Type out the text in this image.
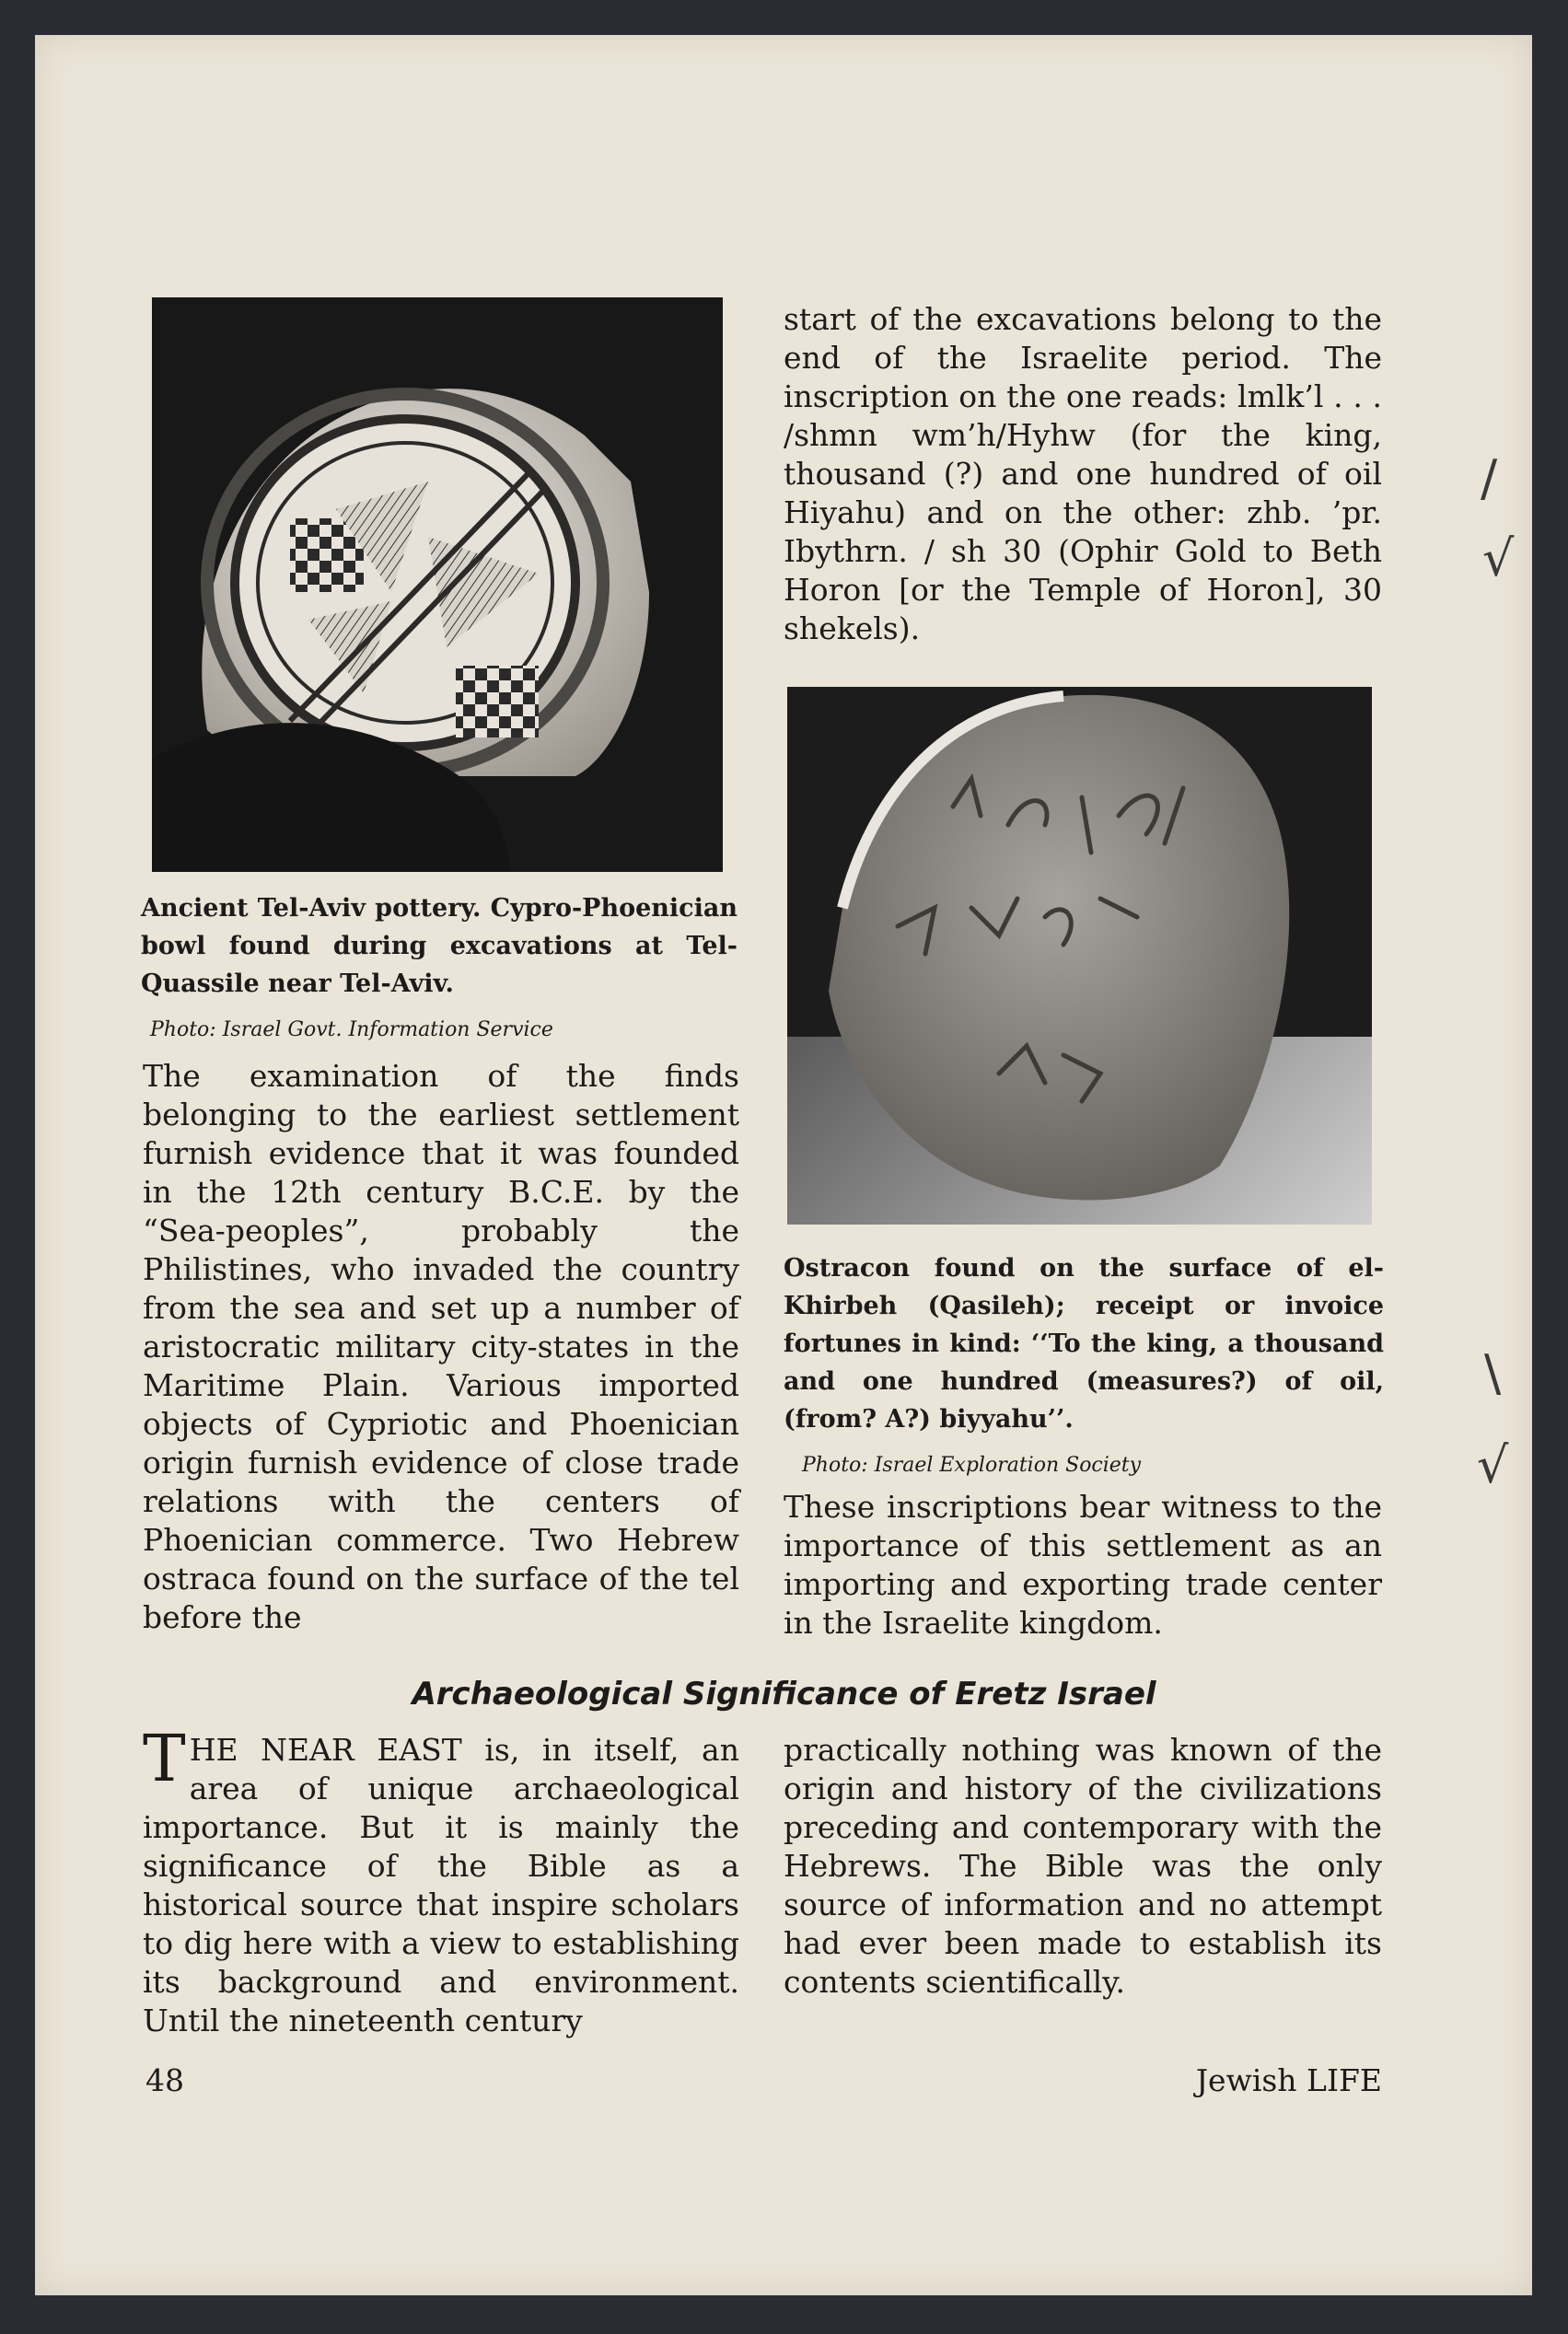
Ancient Tel-Aviv pottery. Cypro-Phoenician bowl found during excavations at Tel-Quassile near Tel-Aviv.
Photo: Israel Govt. Information Service

The examination of the finds belonging to the earliest settlement furnish evidence that it was founded in the 12th century B.C.E. by the “Sea-peoples”, probably the Philistines, who invaded the country from the sea and set up a number of aristocratic military city-states in the Maritime Plain. Various imported objects of Cypriotic and Phoenician origin furnish evidence of close trade relations with the centers of Phoenician commerce. Two Hebrew ostraca found on the surface of the tel before the

start of the excavations belong to the end of the Israelite period. The inscription on the one reads: lmlk’l . . . /shmn wm’h/Hyhw (for the king, thousand (?) and one hundred of oil Hiyahu) and on the other: zhb. ’pr. Ibythrn. / sh 30 (Ophir Gold to Beth Horon [or the Temple of Horon], 30 shekels).

Ostracon found on the surface of el-Khirbeh (Qasileh); receipt or invoice fortunes in kind: ‘‘To the king, a thousand and one hundred (measures?) of oil, (from? A?) biyyahu’’.
Photo: Israel Exploration Society

These inscriptions bear witness to the importance of this settlement as an importing and exporting trade center in the Israelite kingdom.

Archaeological Significance of Eretz Israel
T HE NEAR EAST is, in itself, an area of unique archaeological importance. But it is mainly the significance of the Bible as a historical source that inspire scholars to dig here with a view to establishing its background and environment. Until the nineteenth century

practically nothing was known of the origin and history of the civilizations preceding and contemporary with the Hebrews. The Bible was the only source of information and no attempt had ever been made to establish its contents scientifically.

48	Jewish LIFE
/
√
\
√
